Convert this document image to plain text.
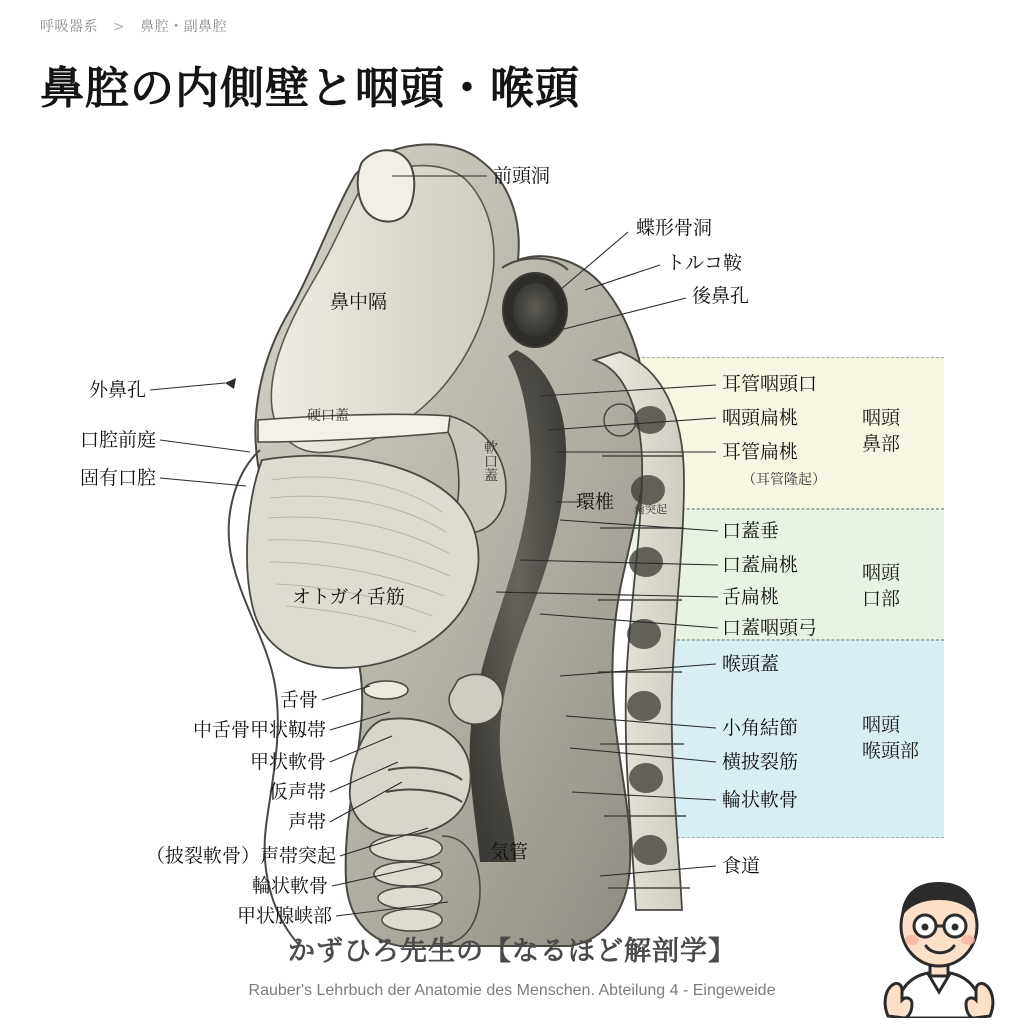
呼吸器系 > 鼻腔・副鼻腔
鼻腔の内側壁と咽頭・喉頭
咽頭
鼻部
咽頭
口部
咽頭
喉頭部
前頭洞
蝶形骨洞
トルコ鞍
後鼻孔
耳管咽頭口
咽頭扁桃
耳管扁桃
（耳管隆起）
口蓋垂
口蓋扁桃
舌扁桃
口蓋咽頭弓
喉頭蓋
小角結節
横披裂筋
輪状軟骨
食道
外鼻孔
口腔前庭
固有口腔
舌骨
中舌骨甲状靱帯
甲状軟骨
仮声帯
声帯
（披裂軟骨）声帯突起
輪状軟骨
甲状腺峡部
鼻中隔
硬口蓋
軟口蓋
環椎 歯突起
オトガイ舌筋
気管
かずひろ先生の【なるほど解剖学】
Rauber's Lehrbuch der Anatomie des Menschen. Abteilung 4 - Eingeweide
